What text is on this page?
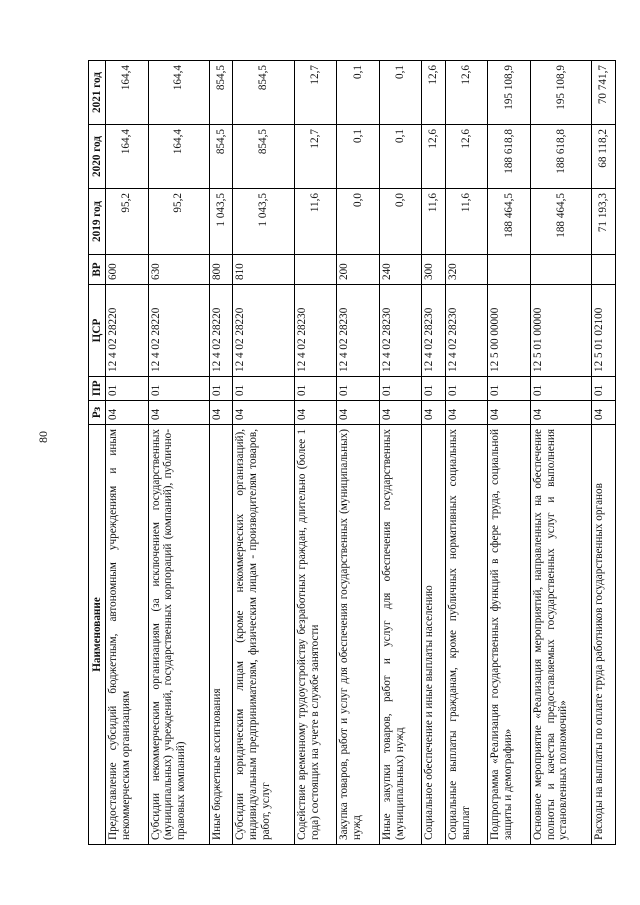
80
Наименование	Рз	ПР	ЦСР	ВР	2019 год	2020 год	2021 год
Предоставление субсидий бюджетным, автономным учреждениям и иным некоммерческим организациям	04	01	12 4 02 28220	600	95,2	164,4	164,4
Субсидии некоммерческим организациям (за исключением государственных (муниципальных) учреждений, государственных корпораций (компаний), публично-правовых компаний)	04	01	12 4 02 28220	630	95,2	164,4	164,4
Иные бюджетные ассигнования	04	01	12 4 02 28220	800	1 043,5	854,5	854,5
Субсидии юридическим лицам (кроме некоммерческих организаций), индивидуальным предпринимателям, физическим лицам - производителям товаров, работ, услуг	04	01	12 4 02 28220	810	1 043,5	854,5	854,5
Содействие временному трудоустройству безработных граждан, длительно (более 1 года) состоящих на учете в службе занятости	04	01	12 4 02 28230		11,6	12,7	12,7
Закупка товаров, работ и услуг для обеспечения государственных (муниципальных) нужд	04	01	12 4 02 28230	200	0,0	0,1	0,1
Иные закупки товаров, работ и услуг для обеспечения государственных (муниципальных) нужд	04	01	12 4 02 28230	240	0,0	0,1	0,1
Социальное обеспечение и иные выплаты населению	04	01	12 4 02 28230	300	11,6	12,6	12,6
Социальные выплаты гражданам, кроме публичных нормативных социальных выплат	04	01	12 4 02 28230	320	11,6	12,6	12,6
Подпрограмма «Реализация государственных функций в сфере труда, социальной защиты и демографии»	04	01	12 5 00 00000		188 464,5	188 618,8	195 108,9
Основное мероприятие «Реализация мероприятий, направленных на обеспечение полноты и качества предоставляемых государственных услуг и выполнения установленных полномочий»	04	01	12 5 01 00000		188 464,5	188 618,8	195 108,9
Расходы на выплаты по оплате труда работников государственных органов	04	01	12 5 01 02100		71 193,3	68 118,2	70 741,7
